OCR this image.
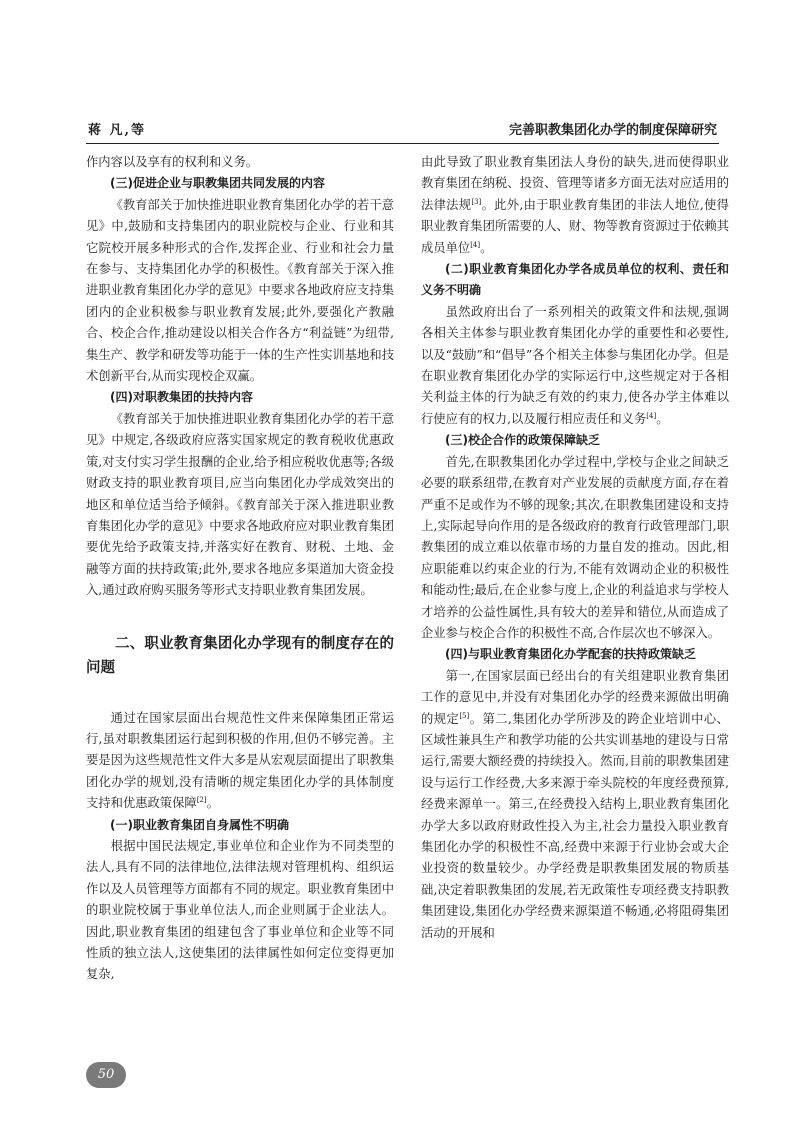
蒋 凡,等	完善职教集团化办学的制度保障研究

作内容以及享有的权利和义务。

(三)促进企业与职教集团共同发展的内容

《教育部关于加快推进职业教育集团化办学的若干意见》中,鼓励和支持集团内的职业院校与企业、行业和其它院校开展多种形式的合作,发挥企业、行业和社会力量在参与、支持集团化办学的积极性。《教育部关于深入推进职业教育集团化办学的意见》中要求各地政府应支持集团内的企业积极参与职业教育发展;此外,要强化产教融合、校企合作,推动建设以相关合作各方“利益链”为纽带,集生产、教学和研发等功能于一体的生产性实训基地和技术创新平台,从而实现校企双赢。

(四)对职教集团的扶持内容

《教育部关于加快推进职业教育集团化办学的若干意见》中规定,各级政府应落实国家规定的教育税收优惠政策,对支付实习学生报酬的企业,给予相应税收优惠等;各级财政支持的职业教育项目,应当向集团化办学成效突出的地区和单位适当给予倾斜。《教育部关于深入推进职业教育集团化办学的意见》中要求各地政府应对职业教育集团要优先给予政策支持,并落实好在教育、财税、土地、金融等方面的扶持政策;此外,要求各地应多渠道加大资金投入,通过政府购买服务等形式支持职业教育集团发展。

二、职业教育集团化办学现有的制度存在的问题

通过在国家层面出台规范性文件来保障集团正常运行,虽对职教集团运行起到积极的作用,但仍不够完善。主要是因为这些规范性文件大多是从宏观层面提出了职教集团化办学的规划,没有清晰的规定集团化办学的具体制度支持和优惠政策保障[2]。

(一)职业教育集团自身属性不明确

根据中国民法规定,事业单位和企业作为不同类型的法人,具有不同的法律地位,法律法规对管理机构、组织运作以及人员管理等方面都有不同的规定。职业教育集团中的职业院校属于事业单位法人,而企业则属于企业法人。因此,职业教育集团的组建包含了事业单位和企业等不同性质的独立法人,这使集团的法律属性如何定位变得更加复杂,

由此导致了职业教育集团法人身份的缺失,进而使得职业教育集团在纳税、投资、管理等诸多方面无法对应适用的法律法规[3]。此外,由于职业教育集团的非法人地位,使得职业教育集团所需要的人、财、物等教育资源过于依赖其成员单位[4]。

(二)职业教育集团化办学各成员单位的权利、责任和义务不明确

虽然政府出台了一系列相关的政策文件和法规,强调各相关主体参与职业教育集团化办学的重要性和必要性,以及“鼓励”和“倡导”各个相关主体参与集团化办学。但是在职业教育集团化办学的实际运行中,这些规定对于各相关利益主体的行为缺乏有效的约束力,使各办学主体难以行使应有的权力,以及履行相应责任和义务[4]。

(三)校企合作的政策保障缺乏

首先,在职教集团化办学过程中,学校与企业之间缺乏必要的联系纽带,在教育对产业发展的贡献度方面,存在着严重不足或作为不够的现象;其次,在职教集团建设和支持上,实际起导向作用的是各级政府的教育行政管理部门,职教集团的成立难以依靠市场的力量自发的推动。因此,相应职能难以约束企业的行为,不能有效调动企业的积极性和能动性;最后,在企业参与度上,企业的利益追求与学校人才培养的公益性属性,具有较大的差异和错位,从而造成了企业参与校企合作的积极性不高,合作层次也不够深入。

(四)与职业教育集团化办学配套的扶持政策缺乏

第一,在国家层面已经出台的有关组建职业教育集团工作的意见中,并没有对集团化办学的经费来源做出明确的规定[5]。第二,集团化办学所涉及的跨企业培训中心、区域性兼具生产和教学功能的公共实训基地的建设与日常运行,需要大额经费的持续投入。然而,目前的职教集团建设与运行工作经费,大多来源于牵头院校的年度经费预算,经费来源单一。第三,在经费投入结构上,职业教育集团化办学大多以政府财政性投入为主,社会力量投入职业教育集团化办学的积极性不高,经费中来源于行业协会或大企业投资的数量较少。办学经费是职教集团发展的物质基础,决定着职教集团的发展,若无政策性专项经费支持职教集团建设,集团化办学经费来源渠道不畅通,必将阻碍集团活动的开展和

50
